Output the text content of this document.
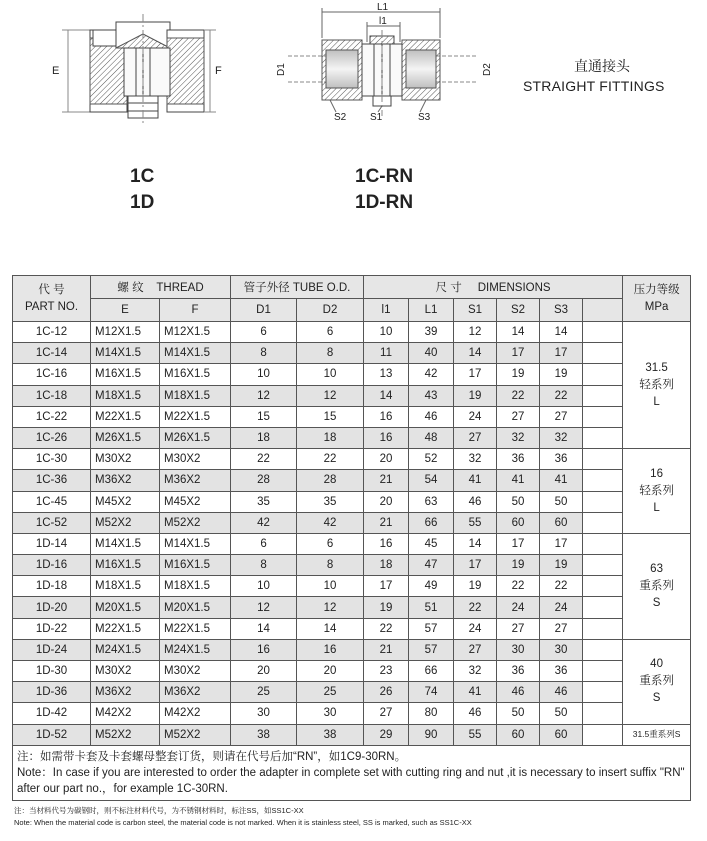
E	F
L1
l1
D1	D2
S2 S1	S3
直通接头
STRAIGHT FITTINGS
1C
1D
1C-RN
1D-RN
代 号
PART NO.	螺 纹 THREAD		管子外径 TUBE O.D.		尺 寸 DIMENSIONS						压力等级
MPa
	E	F	D1	D2	l1	L1	S1	S2	S3		
1C-12	M12X1.5	M12X1.5	6	6	10	39	12	14	14		31.5
轻系列
L
1C-14	M14X1.5	M14X1.5	8	8	11	40	14	17	17		
1C-16	M16X1.5	M16X1.5	10	10	13	42	17	19	19		
1C-18	M18X1.5	M18X1.5	12	12	14	43	19	22	22		
1C-22	M22X1.5	M22X1.5	15	15	16	46	24	27	27		
1C-26	M26X1.5	M26X1.5	18	18	16	48	27	32	32		
1C-30	M30X2	M30X2	22	22	20	52	32	36	36		16
轻系列
L
1C-36	M36X2	M36X2	28	28	21	54	41	41	41		
1C-45	M45X2	M45X2	35	35	20	63	46	50	50		
1C-52	M52X2	M52X2	42	42	21	66	55	60	60		
1D-14	M14X1.5	M14X1.5	6	6	16	45	14	17	17		63
重系列
S
1D-16	M16X1.5	M16X1.5	8	8	18	47	17	19	19		
1D-18	M18X1.5	M18X1.5	10	10	17	49	19	22	22		
1D-20	M20X1.5	M20X1.5	12	12	19	51	22	24	24		
1D-22	M22X1.5	M22X1.5	14	14	22	57	24	27	27		
1D-24	M24X1.5	M24X1.5	16	16	21	57	27	30	30		40
重系列
S
1D-30	M30X2	M30X2	20	20	23	66	32	36	36		
1D-36	M36X2	M36X2	25	25	26	74	41	46	46		
1D-42	M42X2	M42X2	30	30	27	80	46	50	50		
1D-52	M52X2	M52X2	38	38	29	90	55	60	60		31.5重系列S

注：如需带卡套及卡套螺母整套订货，则请在代号后加“RN”，如1C9-30RN。
Note：In case if you are interested to order the adapter in complete set with cutting ring and nut ,it is necessary to insert suffix "RN" after our part no.，for example 1C-30RN.											
注：当材料代号为碳钢时，则不标注材料代号，为不锈钢材料时，标注SS，如SS1C-XX
Note: When the material code is carbon steel, the material code is not marked. When it is stainless steel, SS is marked, such as SS1C-XX
